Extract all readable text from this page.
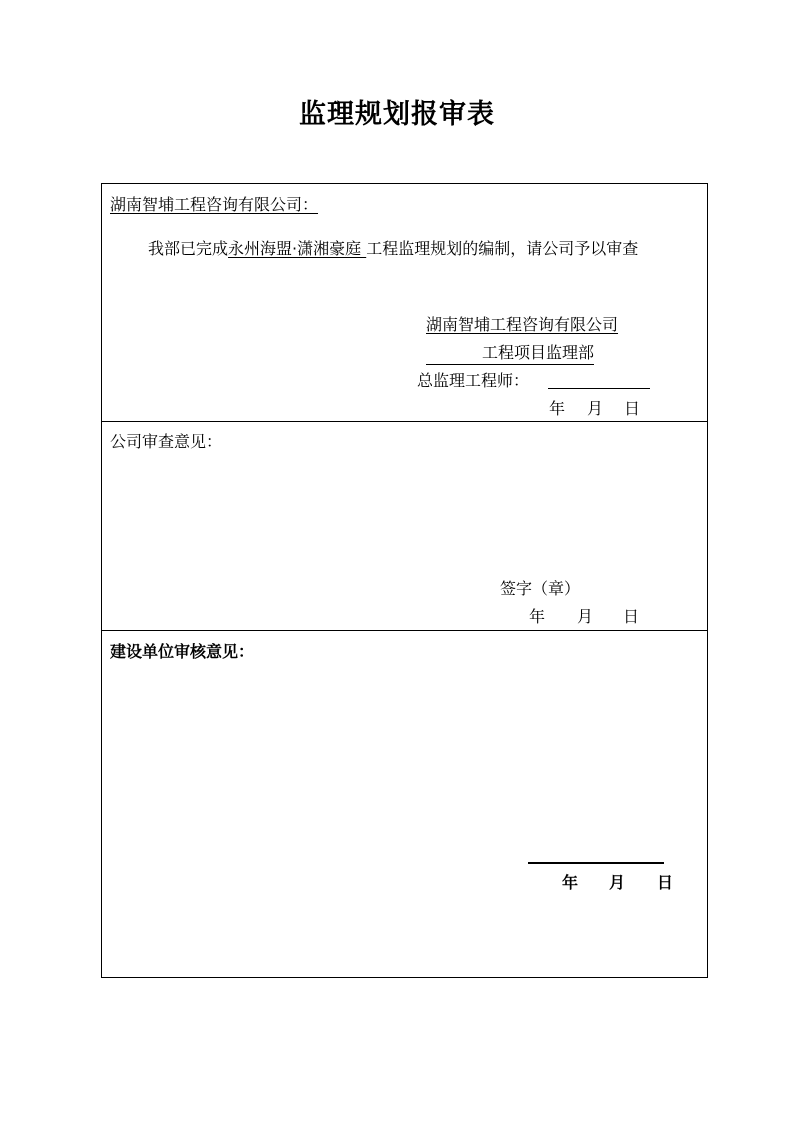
监理规划报审表
湖南智埔工程咨询有限公司：
我部已完成永州海盟·潇湘豪庭 工程监理规划的编制，请公司予以审查
湖南智埔工程咨询有限公司
工程项目监理部
总监理工程师：
年 月 日
公司审查意见：
签字（章）
年 月 日
建设单位审核意见：
年 月 日
